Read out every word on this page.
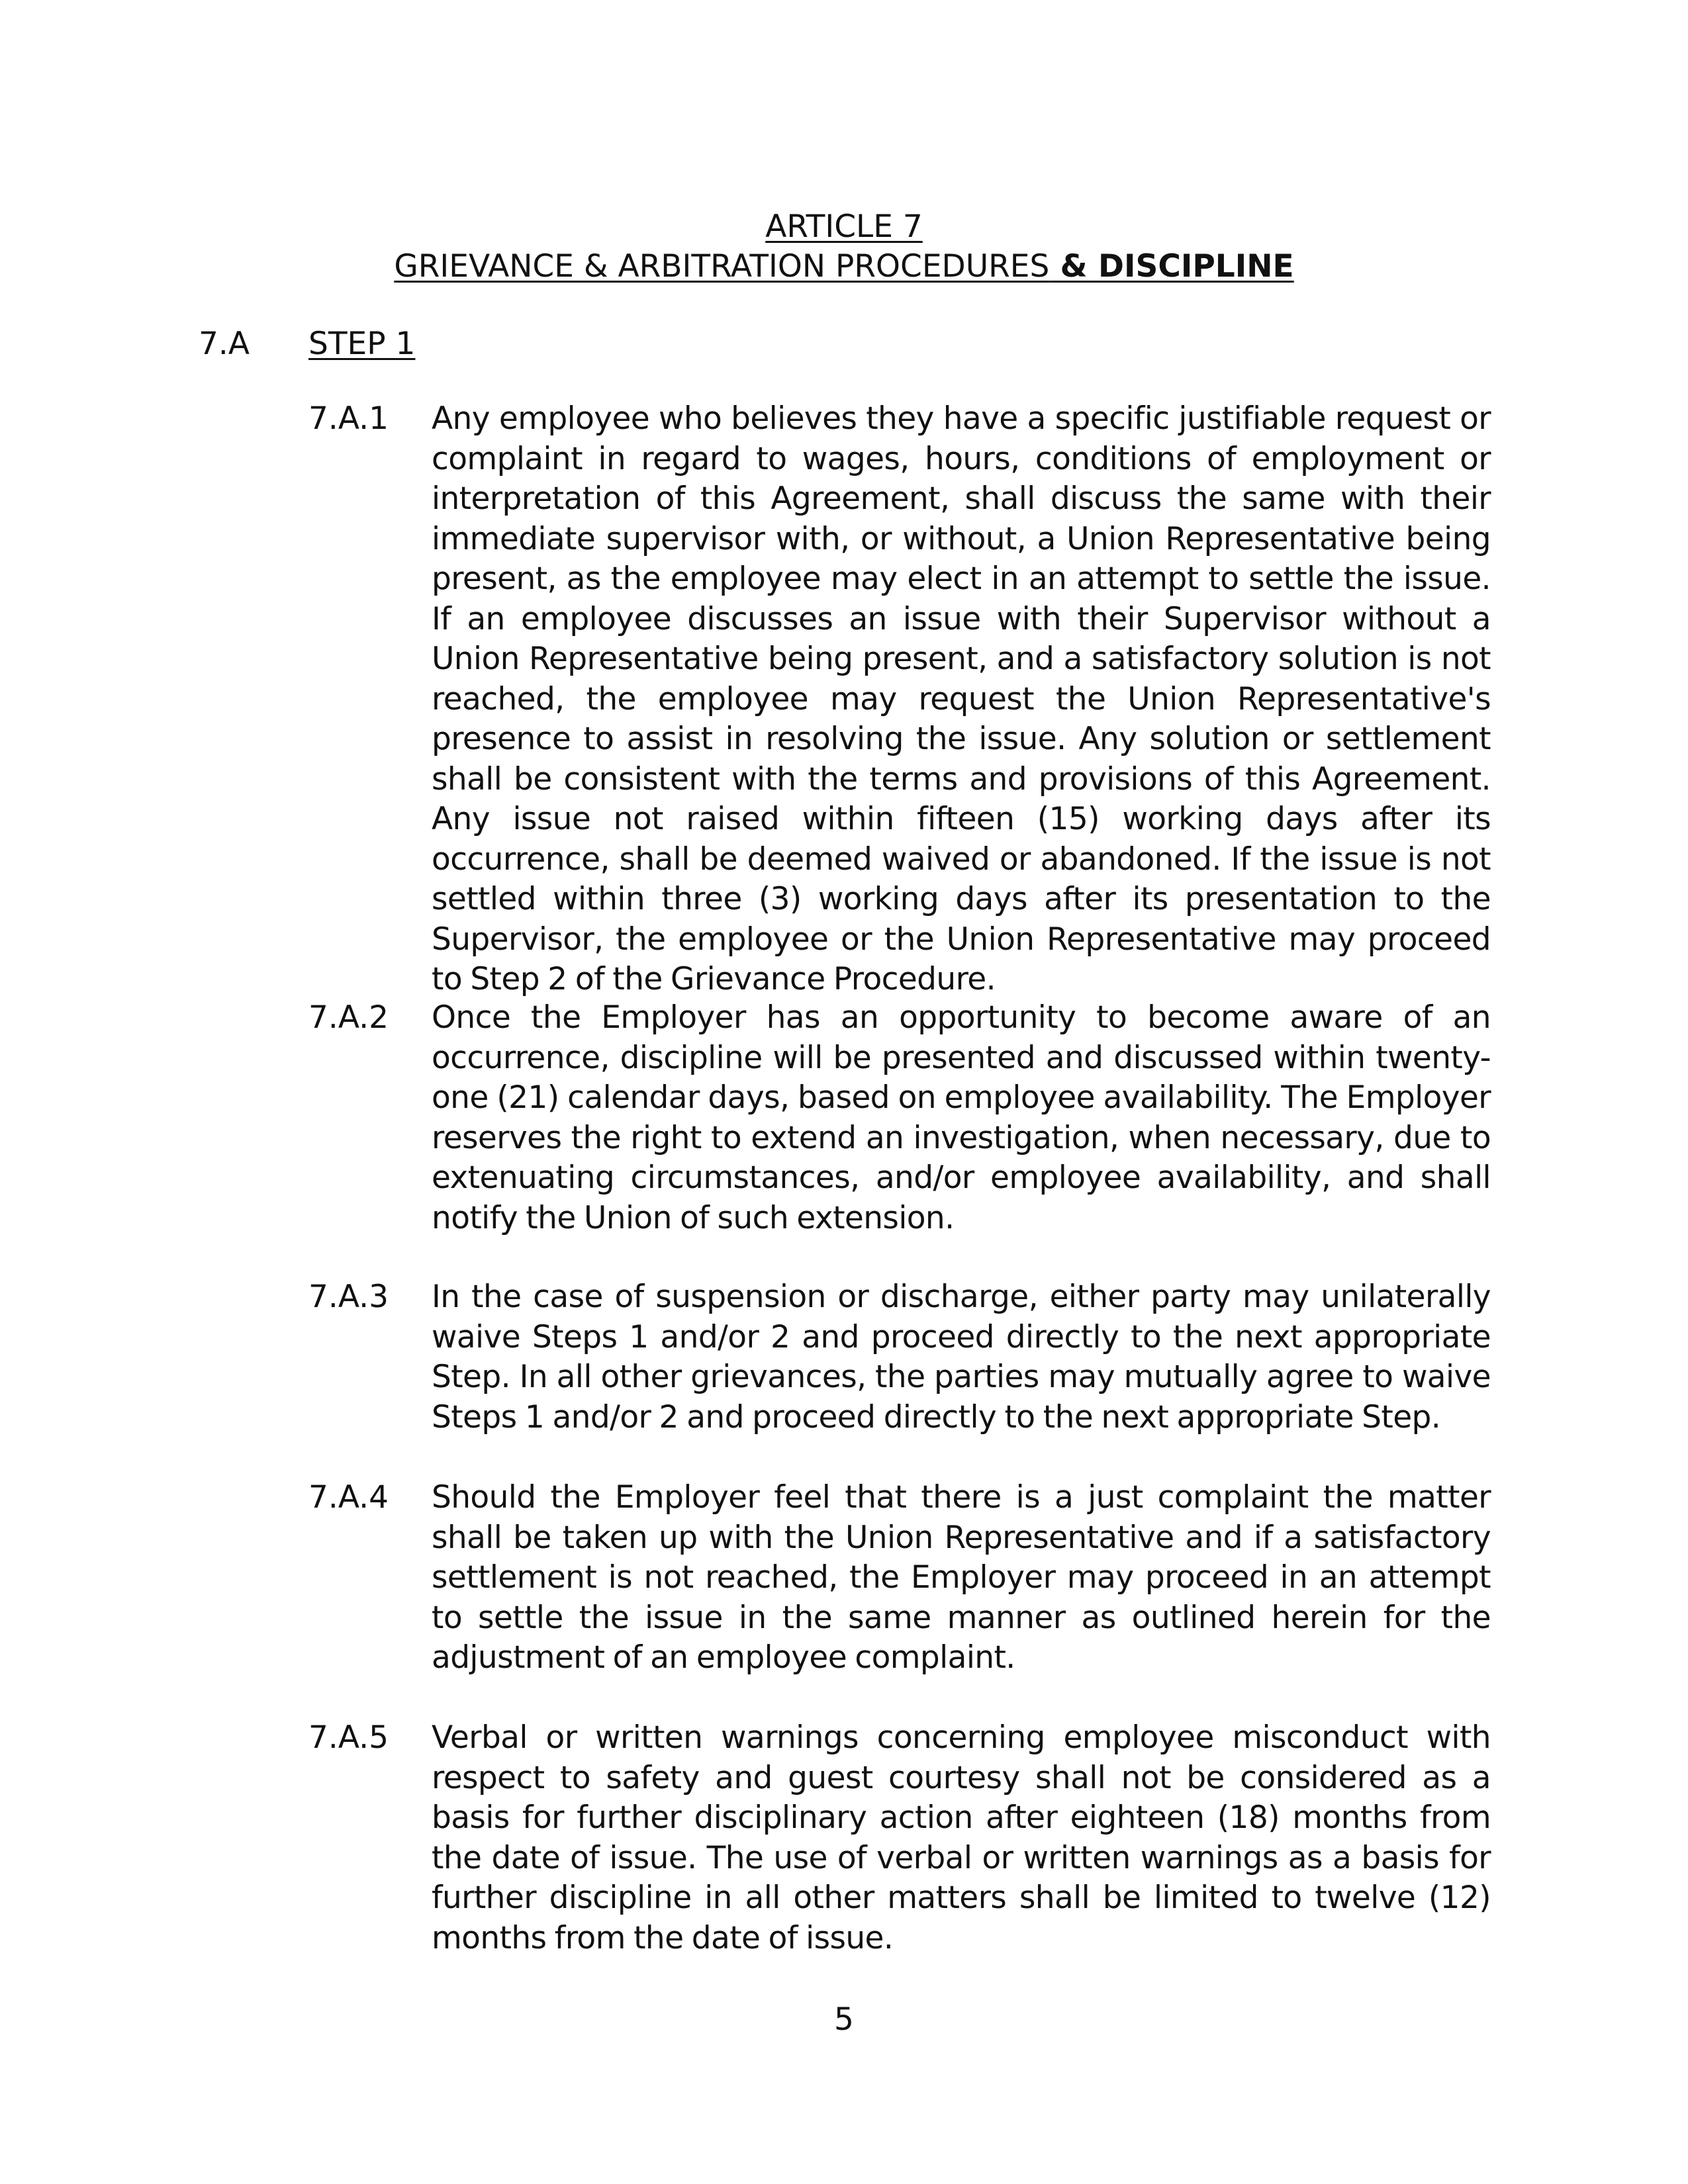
ARTICLE 7
GRIEVANCE & ARBITRATION PROCEDURES & DISCIPLINE
7.A STEP 1
7.A.1 Any employee who believes they have a specific justifiable request or complaint in regard to wages, hours, conditions of employment or interpretation of this Agreement, shall discuss the same with their immediate supervisor with, or without, a Union Representative being present, as the employee may elect in an attempt to settle the issue. If an employee discusses an issue with their Supervisor without a Union Representative being present, and a satisfactory solution is not reached, the employee may request the Union Representative's presence to assist in resolving the issue. Any solution or settlement shall be consistent with the terms and provisions of this Agreement. Any issue not raised within fifteen (15) working days after its occurrence, shall be deemed waived or abandoned. If the issue is not settled within three (3) working days after its presentation to the Supervisor, the employee or the Union Representative may proceed to Step 2 of the Grievance Procedure.
7.A.2 Once the Employer has an opportunity to become aware of an occurrence, discipline will be presented and discussed within twenty-one (21) calendar days, based on employee availability. The Employer reserves the right to extend an investigation, when necessary, due to extenuating circumstances, and/or employee availability, and shall notify the Union of such extension.
7.A.3 In the case of suspension or discharge, either party may unilaterally waive Steps 1 and/or 2 and proceed directly to the next appropriate Step. In all other grievances, the parties may mutually agree to waive Steps 1 and/or 2 and proceed directly to the next appropriate Step.
7.A.4 Should the Employer feel that there is a just complaint the matter shall be taken up with the Union Representative and if a satisfactory settlement is not reached, the Employer may proceed in an attempt to settle the issue in the same manner as outlined herein for the adjustment of an employee complaint.
7.A.5 Verbal or written warnings concerning employee misconduct with respect to safety and guest courtesy shall not be considered as a basis for further disciplinary action after eighteen (18) months from the date of issue. The use of verbal or written warnings as a basis for further discipline in all other matters shall be limited to twelve (12) months from the date of issue.
5
